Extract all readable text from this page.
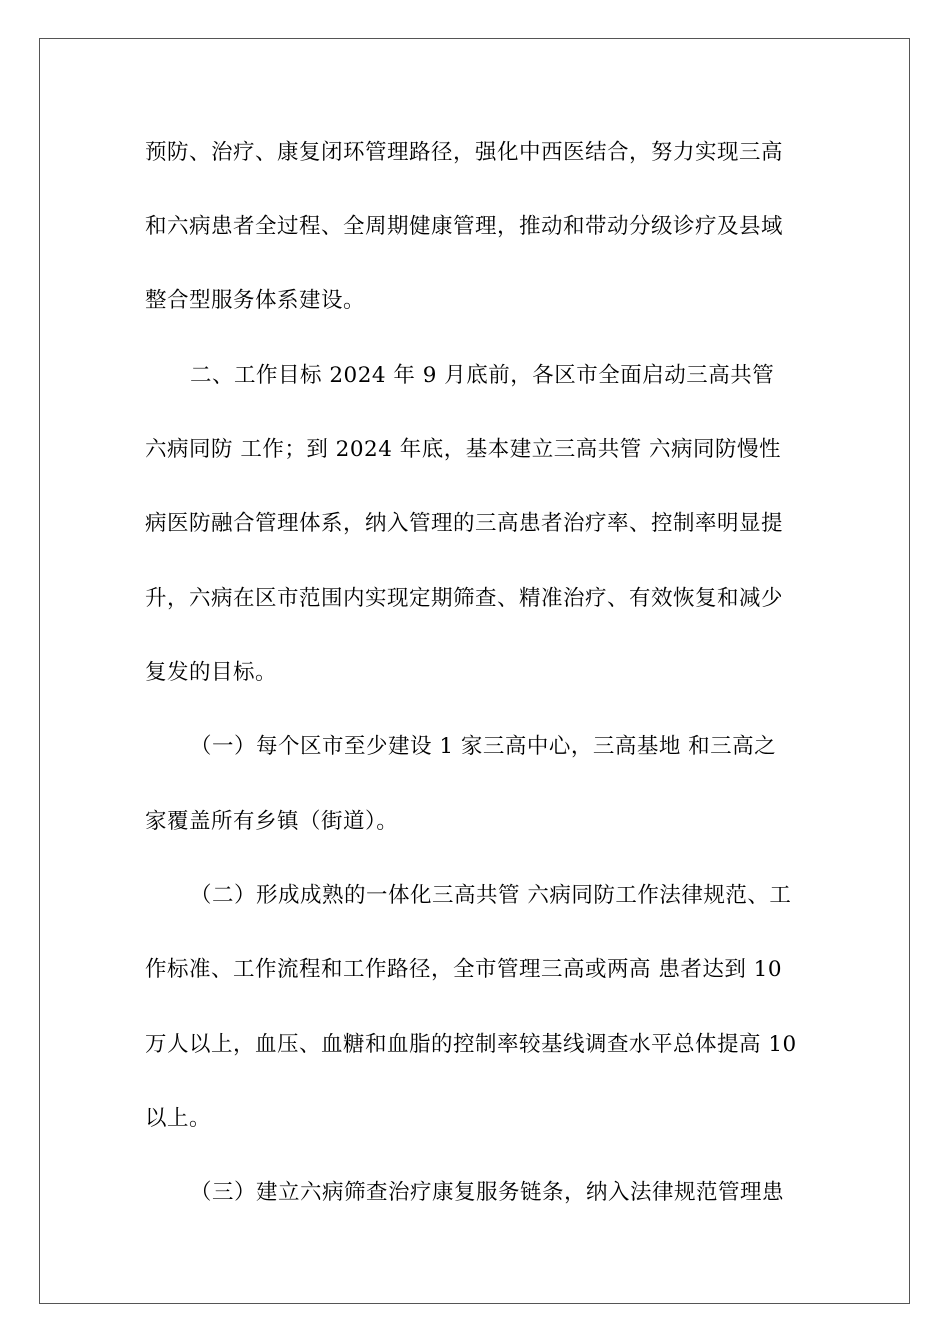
预防、治疗、康复闭环管理路径，强化中西医结合，努力实现三高
和六病患者全过程、全周期健康管理，推动和带动分级诊疗及县域
整合型服务体系建设。
二、工作目标 2024 年 9 月底前，各区市全面启动三高共管
六病同防 工作；到 2024 年底，基本建立三高共管 六病同防慢性
病医防融合管理体系，纳入管理的三高患者治疗率、控制率明显提
升，六病在区市范围内实现定期筛查、精准治疗、有效恢复和减少
复发的目标。
（一）每个区市至少建设 1 家三高中心，三高基地 和三高之
家覆盖所有乡镇（街道）。
（二）形成成熟的一体化三高共管 六病同防工作法律规范、工
作标准、工作流程和工作路径，全市管理三高或两高 患者达到 10
万人以上，血压、血糖和血脂的控制率较基线调查水平总体提高 10
以上。
（三）建立六病筛查治疗康复服务链条，纳入法律规范管理患
